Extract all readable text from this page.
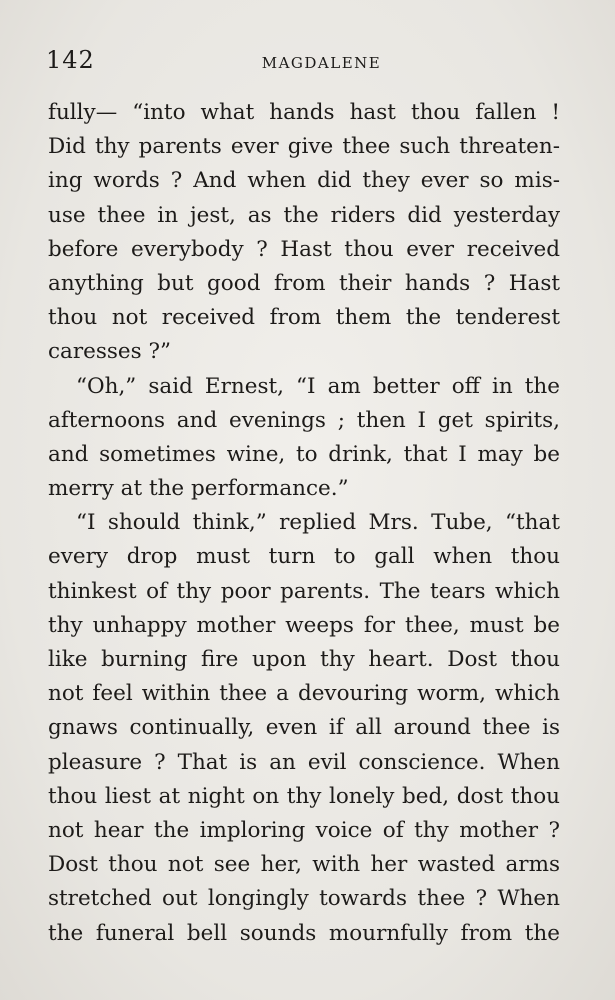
142	MAGDALENE
fully— “into what hands hast thou fallen !
Did thy parents ever give thee such threaten-
ing words ? And when did they ever so mis-
use thee in jest, as the riders did yesterday
before everybody ? Hast thou ever received
anything but good from their hands ? Hast
thou not received from them the tenderest
caresses ?”
“Oh,” said Ernest, “I am better off in the
afternoons and evenings ; then I get spirits,
and sometimes wine, to drink, that I may be
merry at the performance.”
“I should think,” replied Mrs. Tube, “that
every drop must turn to gall when thou
thinkest of thy poor parents. The tears which
thy unhappy mother weeps for thee, must be
like burning fire upon thy heart. Dost thou
not feel within thee a devouring worm, which
gnaws continually, even if all around thee is
pleasure ? That is an evil conscience. When
thou liest at night on thy lonely bed, dost thou
not hear the imploring voice of thy mother ?
Dost thou not see her, with her wasted arms
stretched out longingly towards thee ? When
the funeral bell sounds mournfully from the
